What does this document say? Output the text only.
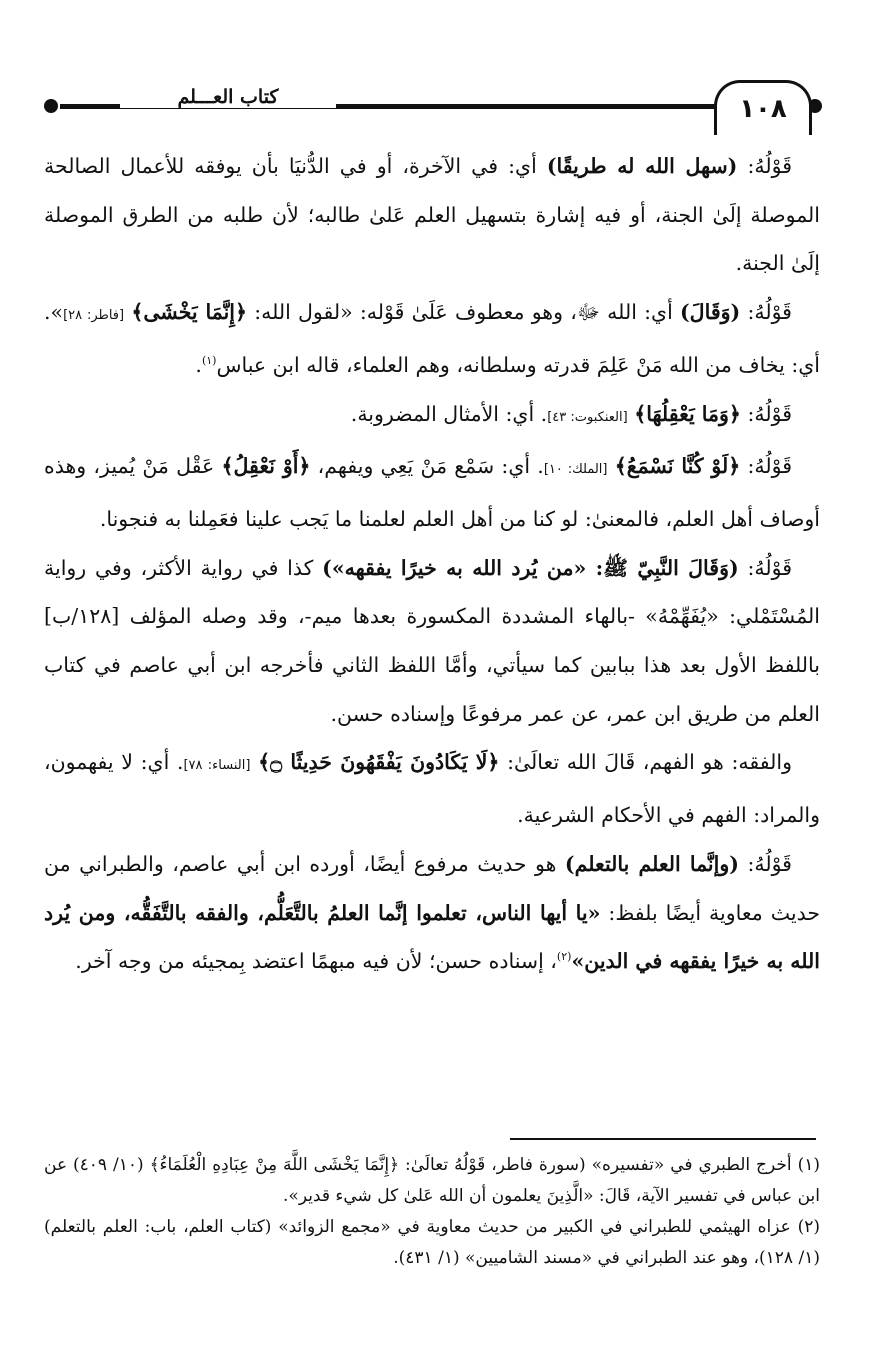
١٠٨
كتاب العـــلم

قَوْلُهُ: (سهل الله له طريقًا) أي: في الآخرة، أو في الدُّنيَا بأن يوفقه للأعمال الصالحة الموصلة إلَىٰ الجنة، أو فيه إشارة بتسهيل العلم عَلىٰ طالبه؛ لأن طلبه من الطرق الموصلة إلَىٰ الجنة.

قَوْلُهُ: (وَقَالَ) أي: الله ﷻ، وهو معطوف عَلَىٰ قَوْله: «لقول الله: ﴿إِنَّمَا يَخْشَى﴾ [فاطر: ٢٨]». أي: يخاف من الله مَنْ عَلِمَ قدرته وسلطانه، وهم العلماء، قاله ابن عباس$^{(١)}$.

قَوْلُهُ: ﴿وَمَا يَعْقِلُهَا﴾ [العنكبوت: ٤٣]. أي: الأمثال المضروبة.

قَوْلُهُ: ﴿لَوْ كُنَّا نَسْمَعُ﴾ [الملك: ١٠]. أي: سَمْع مَنْ يَعِي ويفهم، ﴿أَوْ نَعْقِلُ﴾ عَقْل مَنْ يُميز، وهذه أوصاف أهل العلم، فالمعنىٰ: لو كنا من أهل العلم لعلمنا ما يَجب علينا فعَمِلنا به فنجونا.

قَوْلُهُ: (وَقَالَ النَّبِيّ ﷺ: «من يُرد الله به خيرًا يفقهه») كذا في رواية الأكثر، وفي رواية المُسْتَمْلي: «يُفَهِّمْهُ» -بالهاء المشددة المكسورة بعدها ميم-، وقد وصله المؤلف [١٢٨/ب] باللفظ الأول بعد هذا ببابين كما سيأتي، وأمَّا اللفظ الثاني فأخرجه ابن أبي عاصم في كتاب العلم من طريق ابن عمر، عن عمر مرفوعًا وإسناده حسن.

والفقه: هو الفهم، قَالَ الله تعالَىٰ: ﴿لَا يَكَادُونَ يَفْقَهُونَ حَدِيثًا ۝﴾ [النساء: ٧٨]. أي: لا يفهمون، والمراد: الفهم في الأحكام الشرعية.

قَوْلُهُ: (وإنَّما العلم بالتعلم) هو حديث مرفوع أيضًا، أورده ابن أبي عاصم، والطبراني من حديث معاوية أيضًا بلفظ: «يا أيها الناس، تعلموا إنَّما العلمُ بالتَّعَلُّم، والفقه بالتَّفَقُّه، ومن يُرد الله به خيرًا يفقهه في الدين»$^{(٢)}$، إسناده حسن؛ لأن فيه مبهمًا اعتضد بِمجيئه من وجه آخر.

(١) أخرج الطبري في «تفسيره» (سورة فاطر، قَوْلُهُ تعالَىٰ: ﴿إِنَّمَا يَخْشَى اللَّهَ مِنْ عِبَادِهِ الْعُلَمَاءُ﴾ (١٠/ ٤٠٩) عن ابن عباس في تفسير الآية، قَالَ: «الَّذِينَ يعلمون أن الله عَلىٰ كل شيء قدير».

(٢) عزاه الهيثمي للطبراني في الكبير من حديث معاوية في «مجمع الزوائد» (كتاب العلم، باب: العلم بالتعلم) (١/ ١٢٨)، وهو عند الطبراني في «مسند الشاميين» (١/ ٤٣١).
